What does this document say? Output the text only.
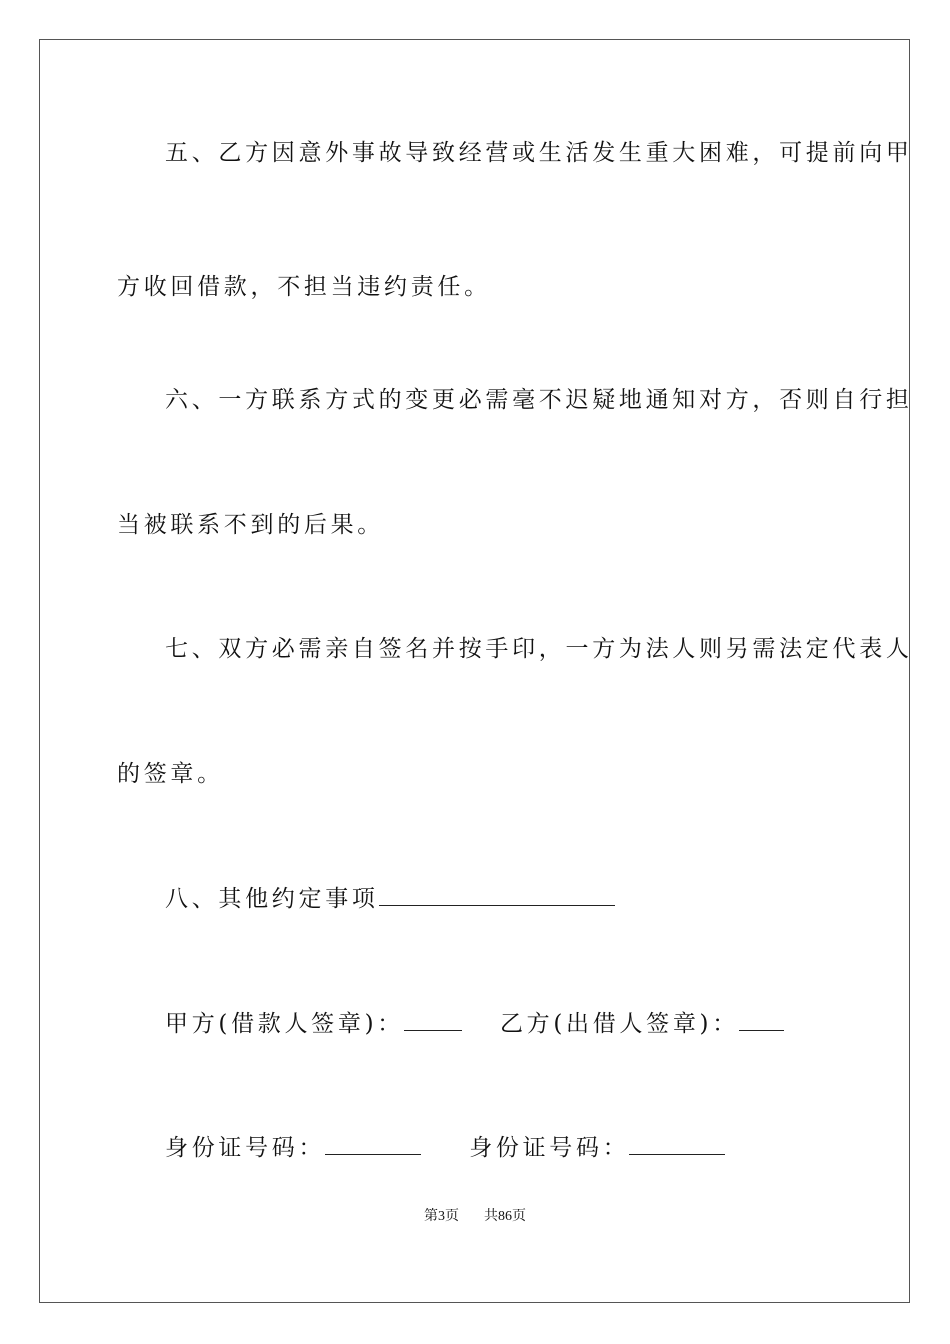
五、乙方因意外事故导致经营或生活发生重大困难，可提前向甲
方收回借款，不担当违约责任。
六、一方联系方式的变更必需毫不迟疑地通知对方，否则自行担
当被联系不到的后果。
七、双方必需亲自签名并按手印，一方为法人则另需法定代表人
的签章。
八、其他约定事项
甲方(借款人签章)：	乙方(出借人签章)：
身份证号码：	身份证号码：
第3页 共86页
